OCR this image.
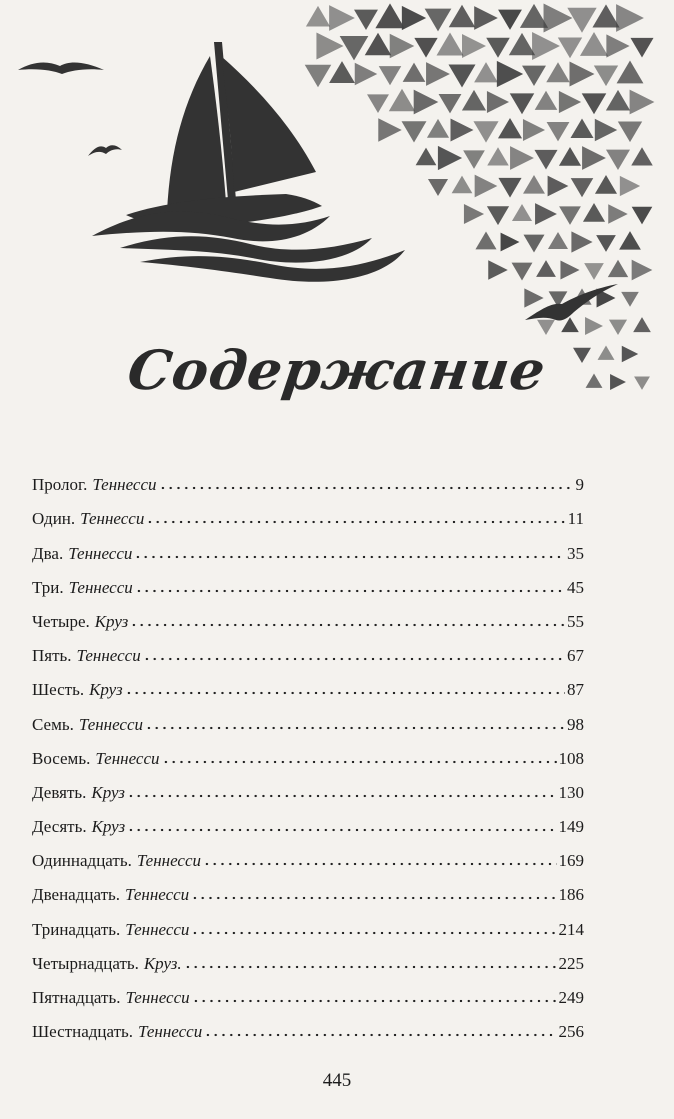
Содержание
Пролог. Теннесси	9
Один. Теннесси	11
Два. Теннесси	35
Три. Теннесси	45
Четыре. Круз	55
Пять. Теннесси	67
Шесть. Круз	87
Семь. Теннесси	98
Восемь. Теннесси	108
Девять. Круз	130
Десять. Круз	149
Одиннадцать. Теннесси	169
Двенадцать. Теннесси	186
Тринадцать. Теннесси	214
Четырнадцать. Круз.	225
Пятнадцать. Теннесси	249
Шестнадцать. Теннесси	256
445
